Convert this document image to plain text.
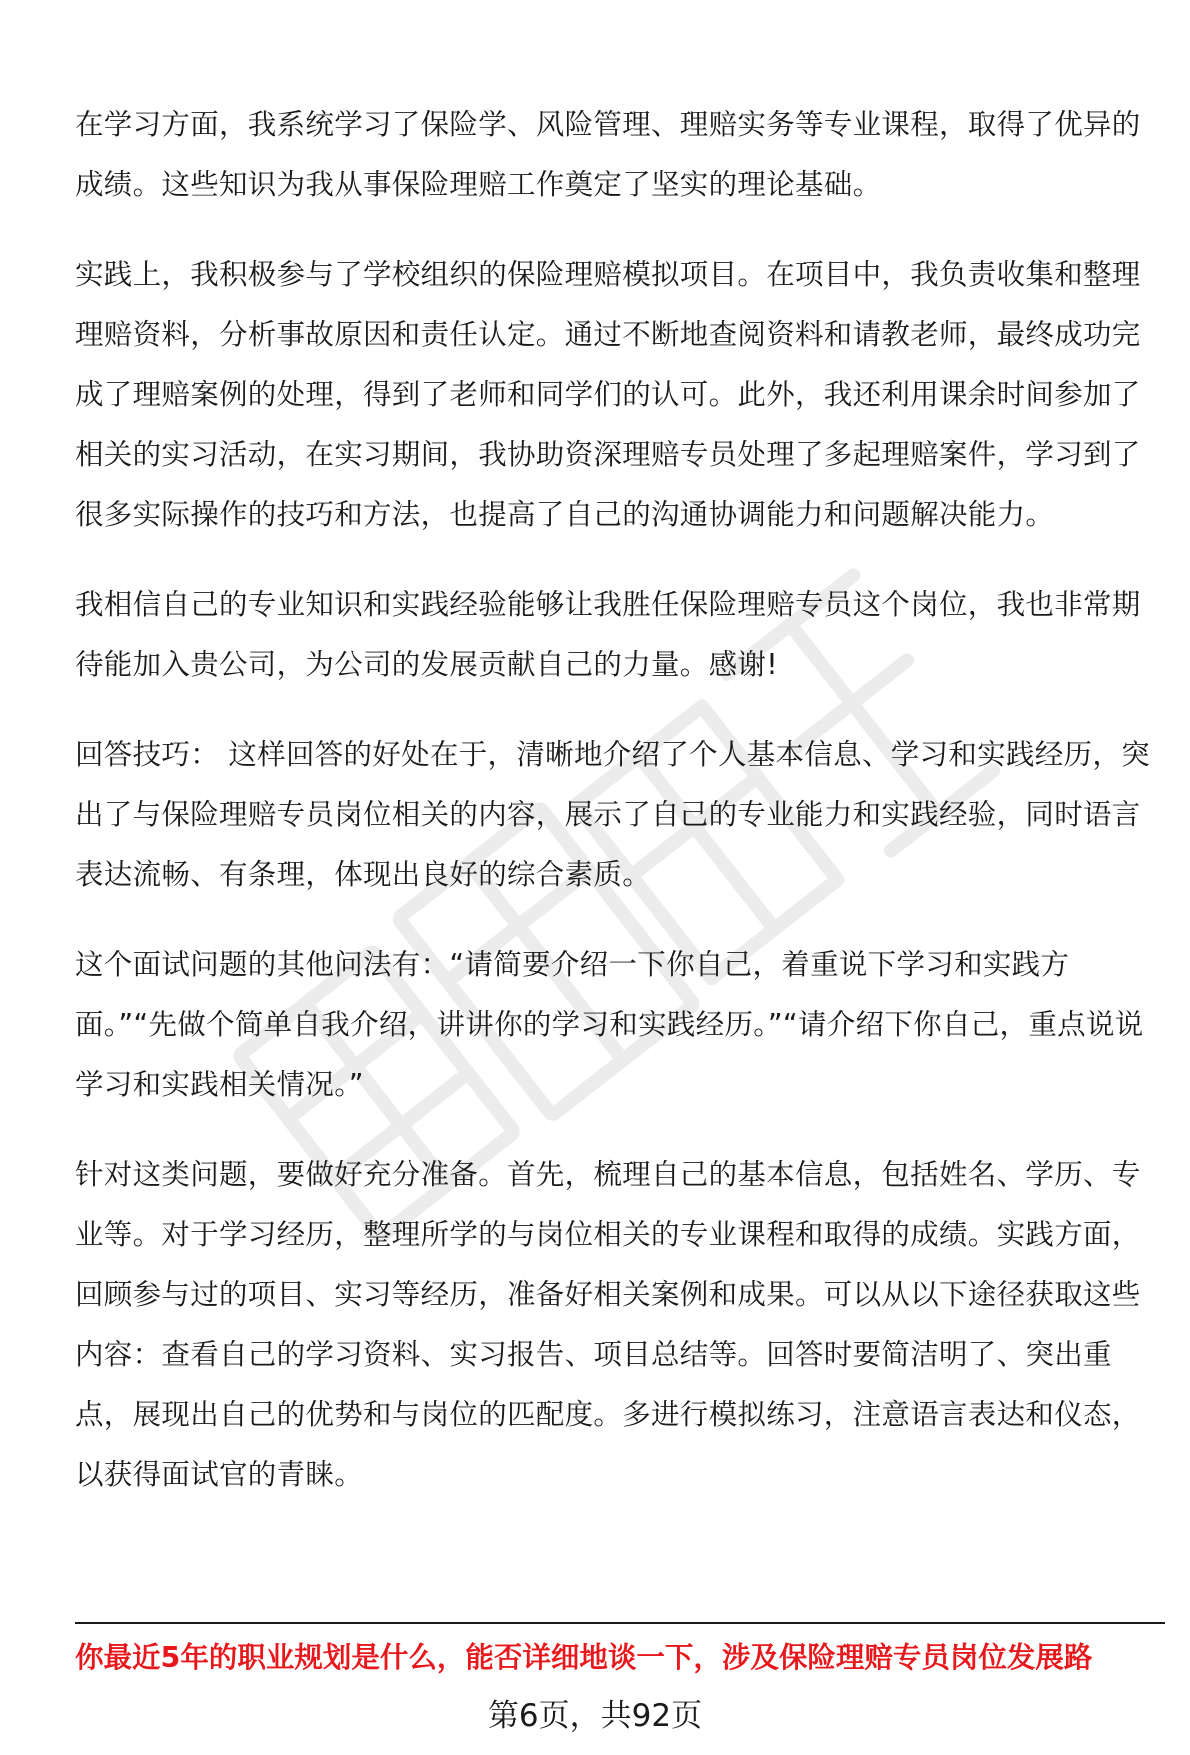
在学习方面，我系统学习了保险学、风险管理、理赔实务等专业课程，取得了优异的成绩。这些知识为我从事保险理赔工作奠定了坚实的理论基础。

实践上，我积极参与了学校组织的保险理赔模拟项目。在项目中，我负责收集和整理理赔资料，分析事故原因和责任认定。通过不断地查阅资料和请教老师，最终成功完成了理赔案例的处理，得到了老师和同学们的认可。此外，我还利用课余时间参加了相关的实习活动，在实习期间，我协助资深理赔专员处理了多起理赔案件，学习到了很多实际操作的技巧和方法，也提高了自己的沟通协调能力和问题解决能力。

我相信自己的专业知识和实践经验能够让我胜任保险理赔专员这个岗位，我也非常期待能加入贵公司，为公司的发展贡献自己的力量。感谢!

回答技巧： 这样回答的好处在于，清晰地介绍了个人基本信息、学习和实践经历，突出了与保险理赔专员岗位相关的内容，展示了自己的专业能力和实践经验，同时语言表达流畅、有条理，体现出良好的综合素质。

这个面试问题的其他问法有：“请简要介绍一下你自己，着重说下学习和实践方面。”“先做个简单自我介绍，讲讲你的学习和实践经历。”“请介绍下你自己，重点说说学习和实践相关情况。”

针对这类问题，要做好充分准备。首先，梳理自己的基本信息，包括姓名、学历、专业等。对于学习经历，整理所学的与岗位相关的专业课程和取得的成绩。实践方面，回顾参与过的项目、实习等经历，准备好相关案例和成果。可以从以下途径获取这些内容：查看自己的学习资料、实习报告、项目总结等。回答时要简洁明了、突出重点，展现出自己的优势和与岗位的匹配度。多进行模拟练习，注意语言表达和仪态，以获得面试官的青睐。

你最近5年的职业规划是什么，能否详细地谈一下，涉及保险理赔专员岗位发展路
第6页，共92页
